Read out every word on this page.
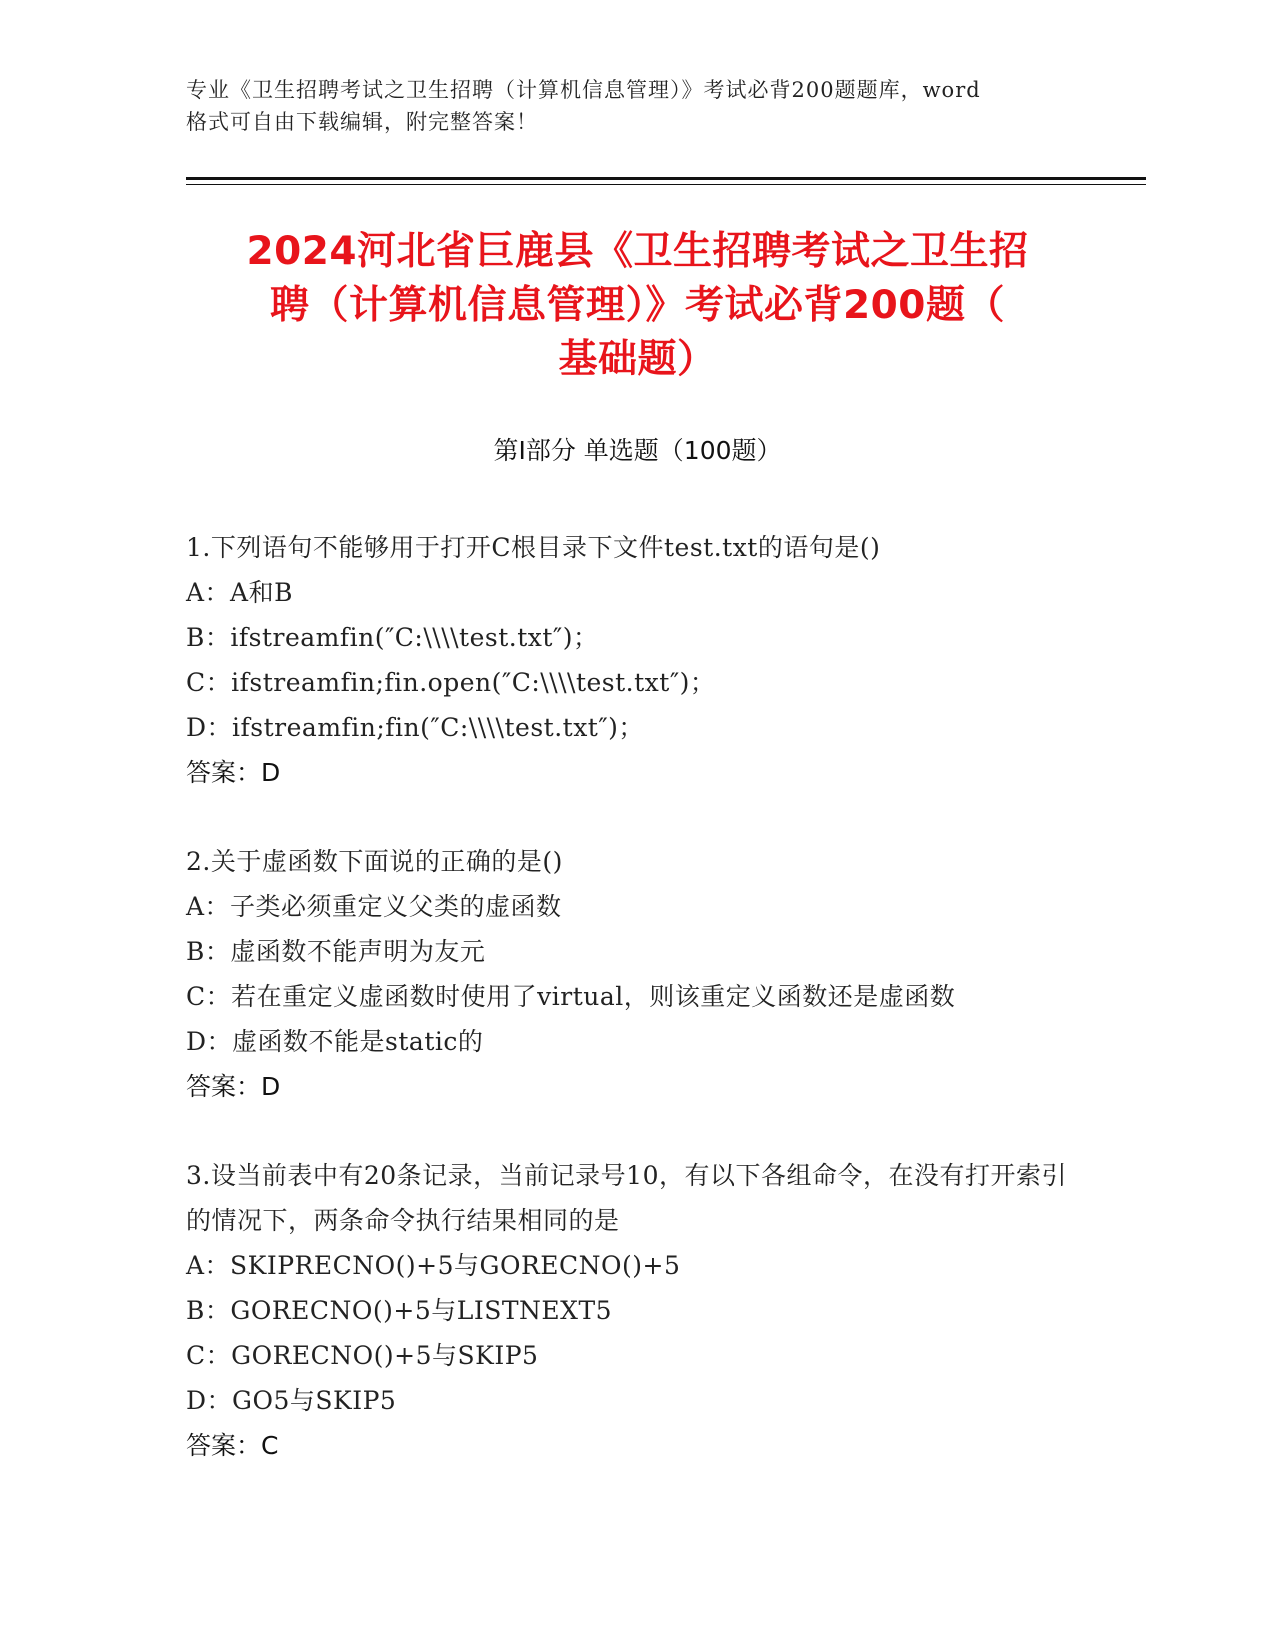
专业《卫生招聘考试之卫生招聘（计算机信息管理）》考试必背200题题库，word
格式可自由下载编辑，附完整答案！
2024河北省巨鹿县《卫生招聘考试之卫生招
聘（计算机信息管理）》考试必背200题（
基础题）
第I部分 单选题（100题）
1.下列语句不能够用于打开C根目录下文件test.txt的语句是()
A：A和B
B：ifstreamfin(″C:\\\\test.txt″)；
C：ifstreamfin;fin.open(″C:\\\\test.txt″)；
D：ifstreamfin;fin(″C:\\\\test.txt″)；
答案：D
2.关于虚函数下面说的正确的是()
A：子类必须重定义父类的虚函数
B：虚函数不能声明为友元
C：若在重定义虚函数时使用了virtual，则该重定义函数还是虚函数
D：虚函数不能是static的
答案：D
3.设当前表中有20条记录，当前记录号10，有以下各组命令，在没有打开索引的情况下，两条命令执行结果相同的是
A：SKIPRECNO()+5与GORECNO()+5
B：GORECNO()+5与LISTNEXT5
C：GORECNO()+5与SKIP5
D：GO5与SKIP5
答案：C
